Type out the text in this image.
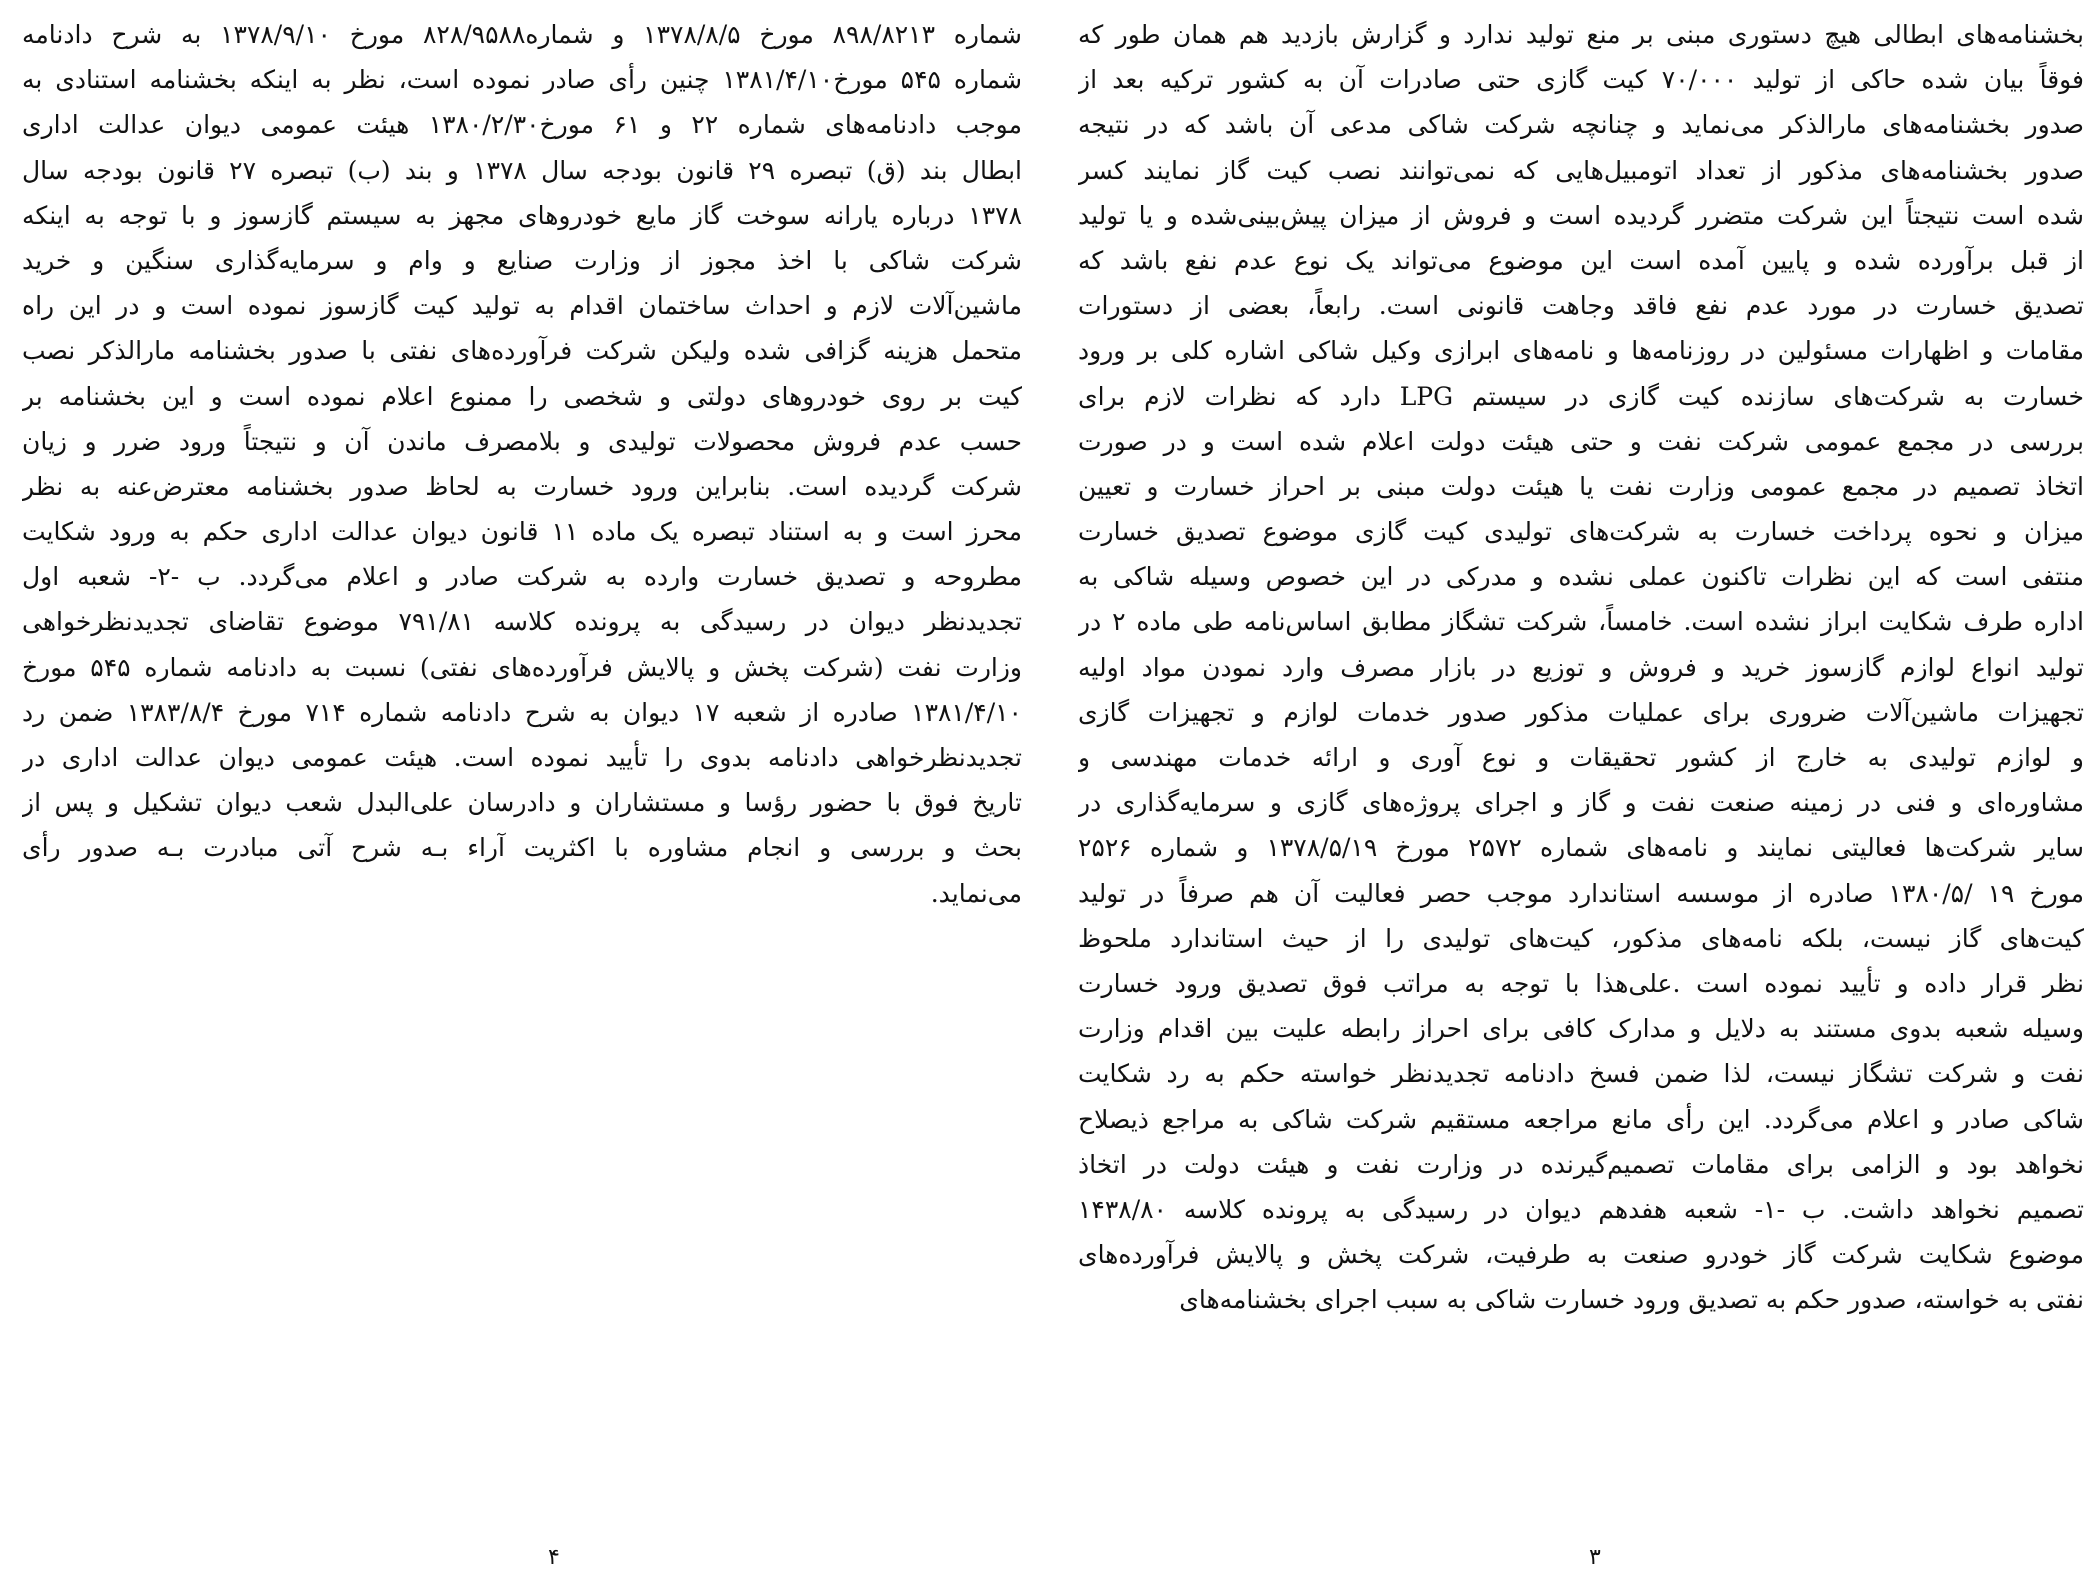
شماره ۸۹۸/۸۲۱۳ مورخ ۱۳۷۸/۸/۵ و شماره۸۲۸/۹۵۸۸ مورخ ۱۳۷۸/۹/۱۰ به شرح دادنامه
شماره ۵۴۵ مورخ۱۳۸۱/۴/۱۰ چنین رأی صادر نموده است، نظر به اینکه بخشنامه استنادی به
موجب دادنامه‌های شماره ۲۲ و ۶۱ مورخ۱۳۸۰/۲/۳۰ هیئت عمومی دیوان عدالت اداری
ابطال بند (ق) تبصره ۲۹ قانون بودجه سال ۱۳۷۸ و بند (ب) تبصره ۲۷ قانون بودجه سال
۱۳۷۸ درباره یارانه سوخت گاز مایع خودروهای مجهز به سیستم گازسوز و با توجه به اینکه
شرکت شاکی با اخذ مجوز از وزارت صنایع و وام و سرمایه‌گذاری سنگین و خرید
ماشین‌آلات لازم و احداث ساختمان اقدام به تولید کیت گازسوز نموده است و در این راه
متحمل هزینه گزافی شده ولیکن شرکت فرآورده‌های نفتی با صدور بخشنامه مارالذکر نصب
کیت بر روی خودروهای دولتی و شخصی را ممنوع اعلام نموده است و این بخشنامه بر
حسب عدم فروش محصولات تولیدی و بلامصرف ماندن آن و نتیجتاً ورود ضرر و زیان
شرکت گردیده است. بنابراین ورود خسارت به لحاظ صدور بخشنامه معترض‌عنه به نظر
محرز است و به استناد تبصره یک ماده ۱۱ قانون دیوان عدالت اداری حکم به ورود شکایت
مطروحه و تصدیق خسارت وارده به شرکت صادر و اعلام می‌گردد. ب -۲- شعبه اول
تجدیدنظر دیوان در رسیدگی به پرونده کلاسه ۷۹۱/۸۱ موضوع تقاضای تجدیدنظرخواهی
وزارت نفت (شرکت پخش و پالایش فرآورده‌های نفتی) نسبت به دادنامه شماره ۵۴۵ مورخ
۱۳۸۱/۴/۱۰ صادره از شعبه ۱۷ دیوان به شرح دادنامه شماره ۷۱۴ مورخ ۱۳۸۳/۸/۴ ضمن رد
تجدیدنظرخواهی دادنامه بدوی را تأیید نموده است. هیئت عمومی دیوان عدالت اداری در
تاریخ فوق با حضور رؤسا و مستشاران و دادرسان علی‌البدل شعب دیوان تشکیل و پس از
بحث و بررسی و انجام مشاوره با اکثریت آراء بـه شرح آتی مبادرت بـه صدور رأی
می‌نماید.
بخشنامه‌های ابطالی هیچ دستوری مبنی بر منع تولید ندارد و گزارش بازدید هم همان طور که
فوقاً بیان شده حاکی از تولید ۷۰/۰۰۰ کیت گازی حتی صادرات آن به کشور ترکیه بعد از
صدور بخشنامه‌های مارالذکر می‌نماید و چنانچه شرکت شاکی مدعی آن باشد که در نتیجه
صدور بخشنامه‌های مذکور از تعداد اتومبیل‌هایی که نمی‌توانند نصب کیت گاز نمایند کسر
شده است نتیجتاً این شرکت متضرر گردیده است و فروش از میزان پیش‌بینی‌شده و یا تولید
از قبل برآورده شده و پایین آمده است این موضوع می‌تواند یک نوع عدم نفع باشد که
تصدیق خسارت در مورد عدم نفع فاقد وجاهت قانونی است. رابعاً، بعضی از دستورات
مقامات و اظهارات مسئولین در روزنامه‌ها و نامه‌های ابرازی وکیل شاکی اشاره کلی بر ورود
خسارت به شرکت‌های سازنده کیت گازی در سیستم LPG دارد که نظرات لازم برای
بررسی در مجمع عمومی شرکت نفت و حتی هیئت دولت اعلام شده است و در صورت
اتخاذ تصمیم در مجمع عمومی وزارت نفت یا هیئت دولت مبنی بر احراز خسارت و تعیین
میزان و نحوه پرداخت خسارت به شرکت‌های تولیدی کیت گازی موضوع تصدیق خسارت
منتفی است که این نظرات تاکنون عملی نشده و مدرکی در این خصوص وسیله شاکی به
اداره طرف شکایت ابراز نشده است. خامساً، شرکت تشگاز مطابق اساس‌نامه طی ماده ۲ در
تولید انواع لوازم گازسوز خرید و فروش و توزیع در بازار مصرف وارد نمودن مواد اولیه
تجهیزات ماشین‌آلات ضروری برای عملیات مذکور صدور خدمات لوازم و تجهیزات گازی
و لوازم تولیدی به خارج از کشور تحقیقات و نوع آوری و ارائه خدمات مهندسی و
مشاوره‌ای و فنی در زمینه صنعت نفت و گاز و اجرای پروژه‌های گازی و سرمایه‌گذاری در
سایر شرکت‌ها فعالیتی نمایند و نامه‌های شماره ۲۵۷۲ مورخ ۱۳۷۸/۵/۱۹ و شماره ۲۵۲۶
مورخ ۱۹ /۱۳۸۰/۵ صادره از موسسه استاندارد موجب حصر فعالیت آن هم صرفاً در تولید
کیت‌های گاز نیست، بلکه نامه‌های مذکور، کیت‌های تولیدی را از حیث استاندارد ملحوظ
نظر قرار داده و تأیید نموده است .علی‌هذا با توجه به مراتب فوق تصدیق ورود خسارت
وسیله شعبه بدوی مستند به دلایل و مدارک کافی برای احراز رابطه علیت بین اقدام وزارت
نفت و شرکت تشگاز نیست، لذا ضمن فسخ دادنامه تجدیدنظر خواسته حکم به رد شکایت
شاکی صادر و اعلام می‌گردد. این رأی مانع مراجعه مستقیم شرکت شاکی به مراجع ذیصلاح
نخواهد بود و الزامی برای مقامات تصمیم‌گیرنده در وزارت نفت و هیئت دولت در اتخاذ
تصمیم نخواهد داشت. ب -۱- شعبه هفدهم دیوان در رسیدگی به پرونده کلاسه ۱۴۳۸/۸۰
موضوع شکایت شرکت گاز خودرو صنعت به طرفیت، شرکت پخش و پالایش فرآورده‌های
نفتی به خواسته، صدور حکم به تصدیق ورود خسارت شاکی به سبب اجرای بخشنامه‌های
۴	۳
